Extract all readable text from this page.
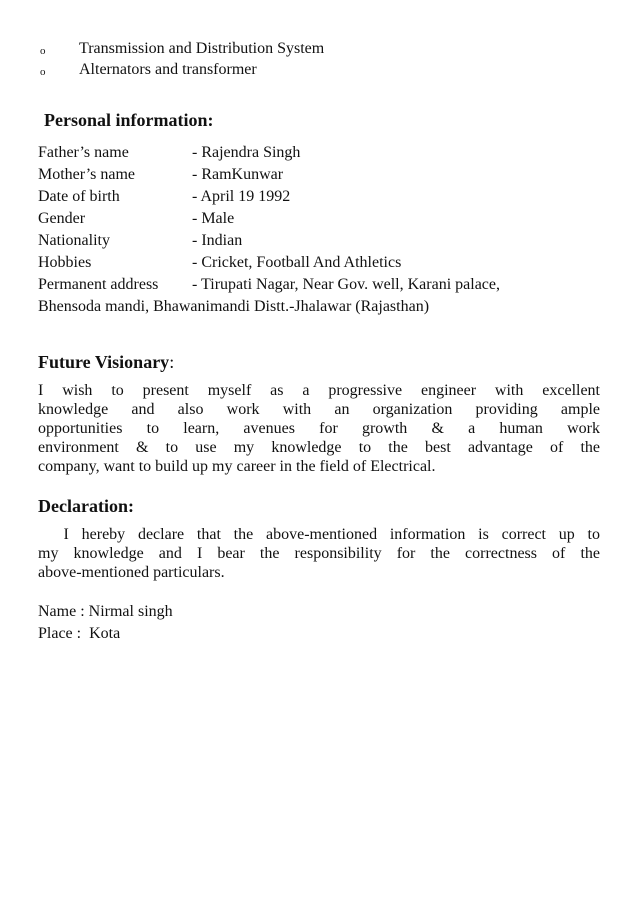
o Transmission and Distribution System
o Alternators and transformer
Personal information:
Father’s name	- Rajendra Singh
Mother’s name	- RamKunwar
Date of birth	- April 19 1992
Gender	- Male
Nationality	- Indian
Hobbies	- Cricket, Football And Athletics
Permanent address - Tirupati Nagar, Near Gov. well, Karani palace,
Bhensoda mandi, Bhawanimandi Distt.-Jhalawar (Rajasthan)
Future Visionary:
I wish to present myself as a progressive engineer with excellent
knowledge and also work with an organization providing ample
opportunities to learn, avenues for growth & a human work
environment & to use my knowledge to the best advantage of the
company, want to build up my career in the field of Electrical.
Declaration:
I hereby declare that the above-mentioned information is correct up to
my knowledge and I bear the responsibility for the correctness of the
above-mentioned particulars.
Name : Nirmal singh
Place :  Kota
